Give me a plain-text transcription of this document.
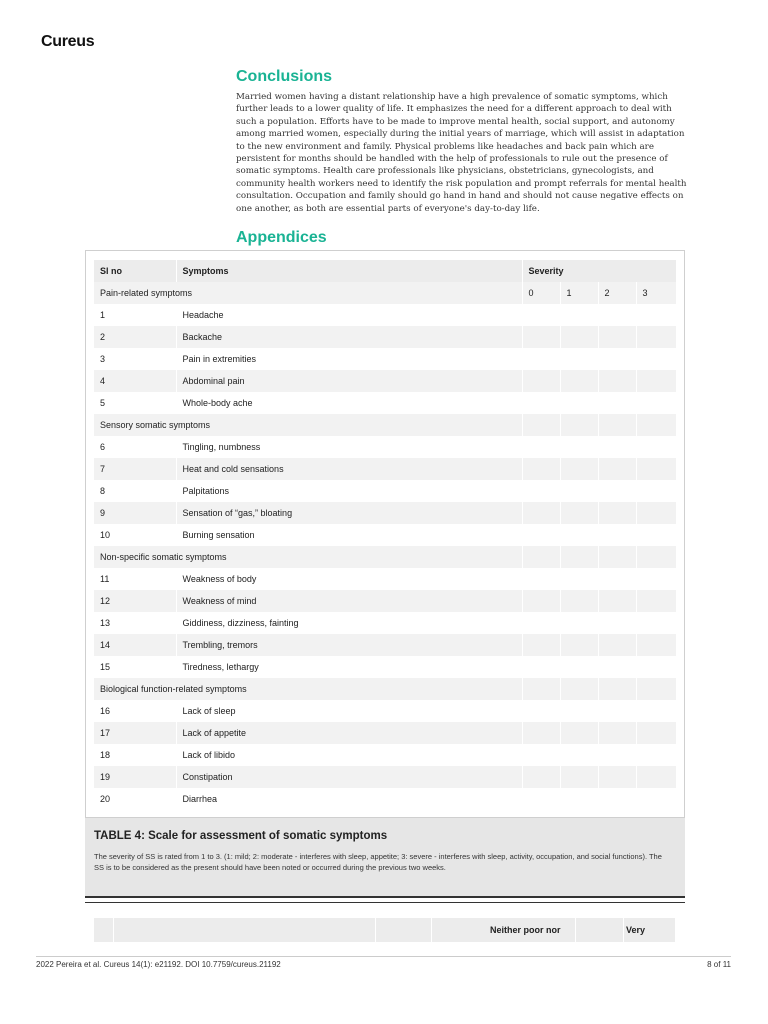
Cureus
Conclusions

Married women having a distant relationship have a high prevalence of somatic symptoms, which further leads to a lower quality of life. It emphasizes the need for a different approach to deal with such a population. Efforts have to be made to improve mental health, social support, and autonomy among married women, especially during the initial years of marriage, which will assist in adaptation to the new environment and family. Physical problems like headaches and back pain which are persistent for months should be handled with the help of professionals to rule out the presence of somatic symptoms. Health care professionals like physicians, obstetricians, gynecologists, and community health workers need to identify the risk population and prompt referrals for mental health consultation. Occupation and family should go hand in hand and should not cause negative effects on one another, as both are essential parts of everyone's day-to-day life.

Appendices
Sl no	Symptoms	Severity			
Pain-related symptoms		0	1	2	3
1	Headache				
2	Backache				
3	Pain in extremities				
4	Abdominal pain				
5	Whole-body ache				
Sensory somatic symptoms					
6	Tingling, numbness				
7	Heat and cold sensations				
8	Palpitations				
9	Sensation of “gas,” bloating				
10	Burning sensation				
Non-specific somatic symptoms					
11	Weakness of body				
12	Weakness of mind				
13	Giddiness, dizziness, fainting				
14	Trembling, tremors				
15	Tiredness, lethargy				
Biological function-related symptoms					
16	Lack of sleep				
17	Lack of appetite				
18	Lack of libido				
19	Constipation				
20	Diarrhea				
TABLE 4: Scale for assessment of somatic symptoms
The severity of SS is rated from 1 to 3. (1: mild; 2: moderate - interferes with sleep, appetite; 3: severe - interferes with sleep, activity, occupation, and social functions). The SS is to be considered as the present should have been noted or occurred during the previous two weeks.
Neither poor nor	Very
2022 Pereira et al. Cureus 14(1): e21192. DOI 10.7759/cureus.21192	8 of 11
